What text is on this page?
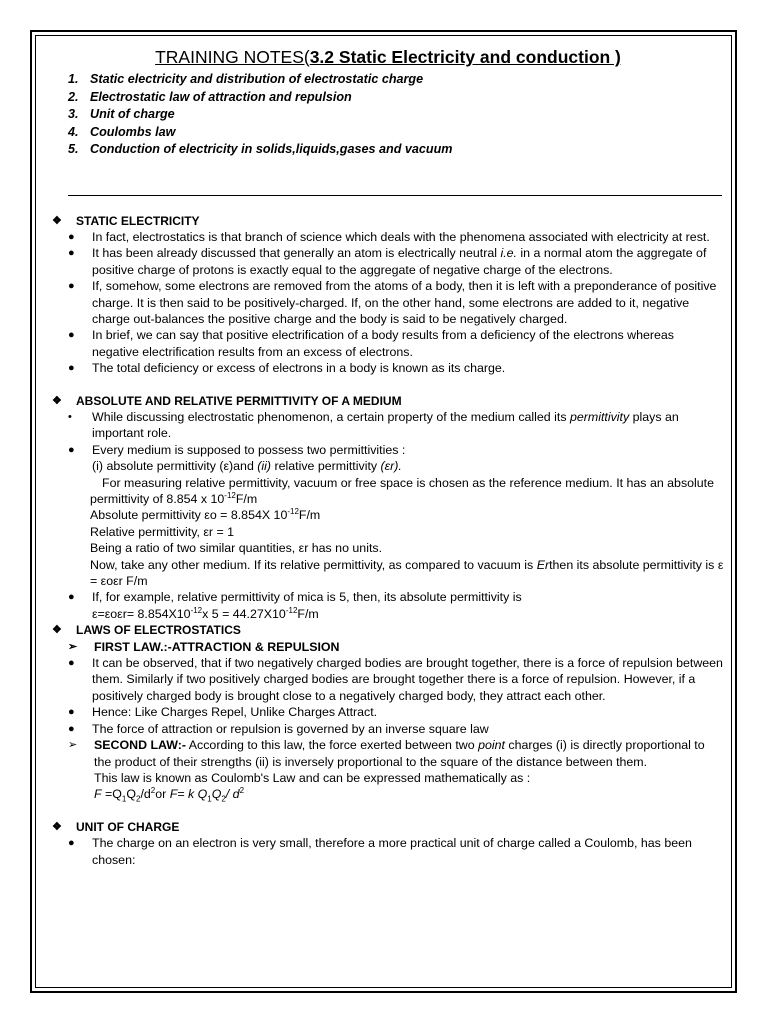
TRAINING NOTES(3.2 Static Electricity and conduction )
1. Static electricity and distribution of electrostatic charge
2. Electrostatic law of attraction and repulsion
3. Unit of charge
4. Coulombs law
5. Conduction of electricity in solids,liquids,gases and vacuum
❖	STATIC ELECTRICITY
●	In fact, electrostatics is that branch of science which deals with the phenomena associated with electricity at rest.
●	It has been already discussed that generally an atom is electrically neutral i.e. in a normal atom the aggregate of positive charge of protons is exactly equal to the aggregate of negative charge of the electrons.
●	If, somehow, some electrons are removed from the atoms of a body, then it is left with a preponderance of positive charge. It is then said to be positively-charged. If, on the other hand, some electrons are added to it, negative charge out-balances the positive charge and the body is said to be negatively charged.
●	In brief, we can say that positive electrification of a body results from a deficiency of the electrons whereas negative electrification results from an excess of electrons.
●	The total deficiency or excess of electrons in a body is known as its charge.
❖	ABSOLUTE AND RELATIVE PERMITTIVITY OF A MEDIUM
•	While discussing electrostatic phenomenon, a certain property of the medium called its permittivity plays an important role.
●	Every medium is supposed to possess two permittivities :
(i) absolute permittivity (ε)and (ii) relative permittivity (εr).

For measuring relative permittivity, vacuum or free space is chosen as the reference medium. It has an absolute permittivity of 8.854 x $10^{-12}F/m$
Absolute permittivity εo = 8.854X $10^{-12}F/m$
Relative permittivity, εr = 1
Being a ratio of two similar quantities, εr has no units.
Now, take any other medium. If its relative permittivity, as compared to vacuum is Erthen its absolute permittivity is ε = εoεr F/m
●	If, for example, relative permittivity of mica is 5, then, its absolute permittivity is
$\varepsilon=\varepsilon o\varepsilon r= 8.854X10^{-12}x$ $5 = 44.27X10^{-12}F/m$
❖	LAWS OF ELECTROSTATICS
➢	FIRST LAW.:-ATTRACTION & REPULSION
●	It can be observed, that if two negatively charged bodies are brought together, there is a force of repulsion between them. Similarly if two positively charged bodies are brought together there is a force of repulsion. However, if a positively charged body is brought close to a negatively charged body, they attract each other.
●	Hence: Like Charges Repel, Unlike Charges Attract.
●	The force of attraction or repulsion is governed by an inverse square law
➢	SECOND LAW:- According to this law, the force exerted between two point charges (i) is directly proportional to the product of their strengths (ii) is inversely proportional to the square of the distance between them.
This law is known as Coulomb's Law and can be expressed mathematically as :
$F =Q_1Q_2/d^2or$ F= k $Q_1Q_2/$ $d^2$
❖	UNIT OF CHARGE
●	The charge on an electron is very small, therefore a more practical unit of charge called a Coulomb, has been chosen:
